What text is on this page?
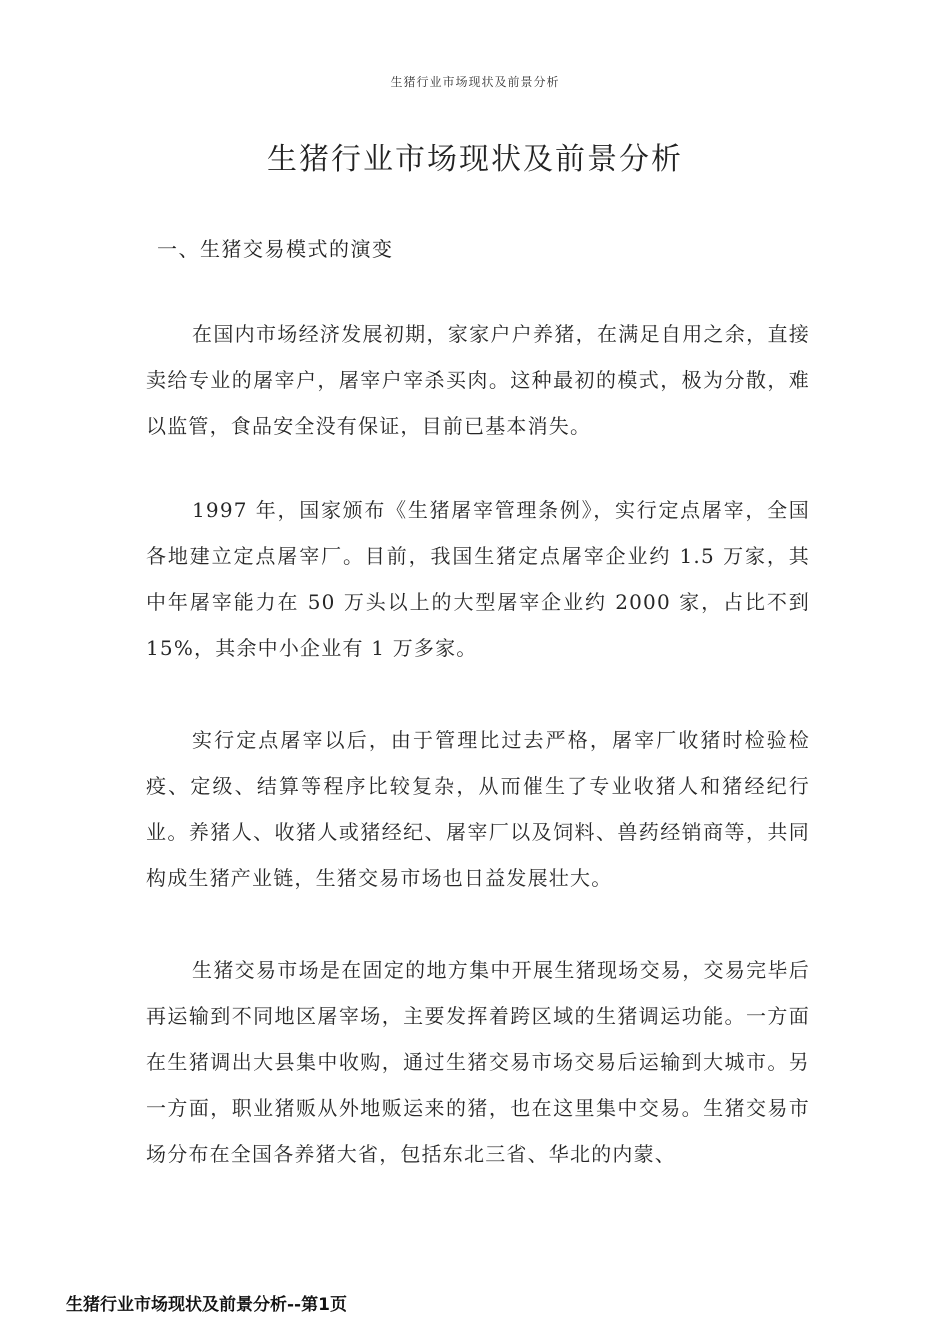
生猪行业市场现状及前景分析
生猪行业市场现状及前景分析
一、生猪交易模式的演变

在国内市场经济发展初期，家家户户养猪，在满足自用之余，直接卖给专业的屠宰户，屠宰户宰杀买肉。这种最初的模式，极为分散，难以监管，食品安全没有保证，目前已基本消失。

1997 年，国家颁布《生猪屠宰管理条例》，实行定点屠宰，全国各地建立定点屠宰厂。目前，我国生猪定点屠宰企业约 1.5 万家，其中年屠宰能力在 50 万头以上的大型屠宰企业约 2000 家，占比不到 15%，其余中小企业有 1 万多家。

实行定点屠宰以后，由于管理比过去严格，屠宰厂收猪时检验检疫、定级、结算等程序比较复杂，从而催生了专业收猪人和猪经纪行业。养猪人、收猪人或猪经纪、屠宰厂以及饲料、兽药经销商等，共同构成生猪产业链，生猪交易市场也日益发展壮大。

生猪交易市场是在固定的地方集中开展生猪现场交易，交易完毕后再运输到不同地区屠宰场，主要发挥着跨区域的生猪调运功能。一方面在生猪调出大县集中收购，通过生猪交易市场交易后运输到大城市。另一方面，职业猪贩从外地贩运来的猪，也在这里集中交易。生猪交易市场分布在全国各养猪大省，包括东北三省、华北的内蒙、

生猪行业市场现状及前景分析--第1页
